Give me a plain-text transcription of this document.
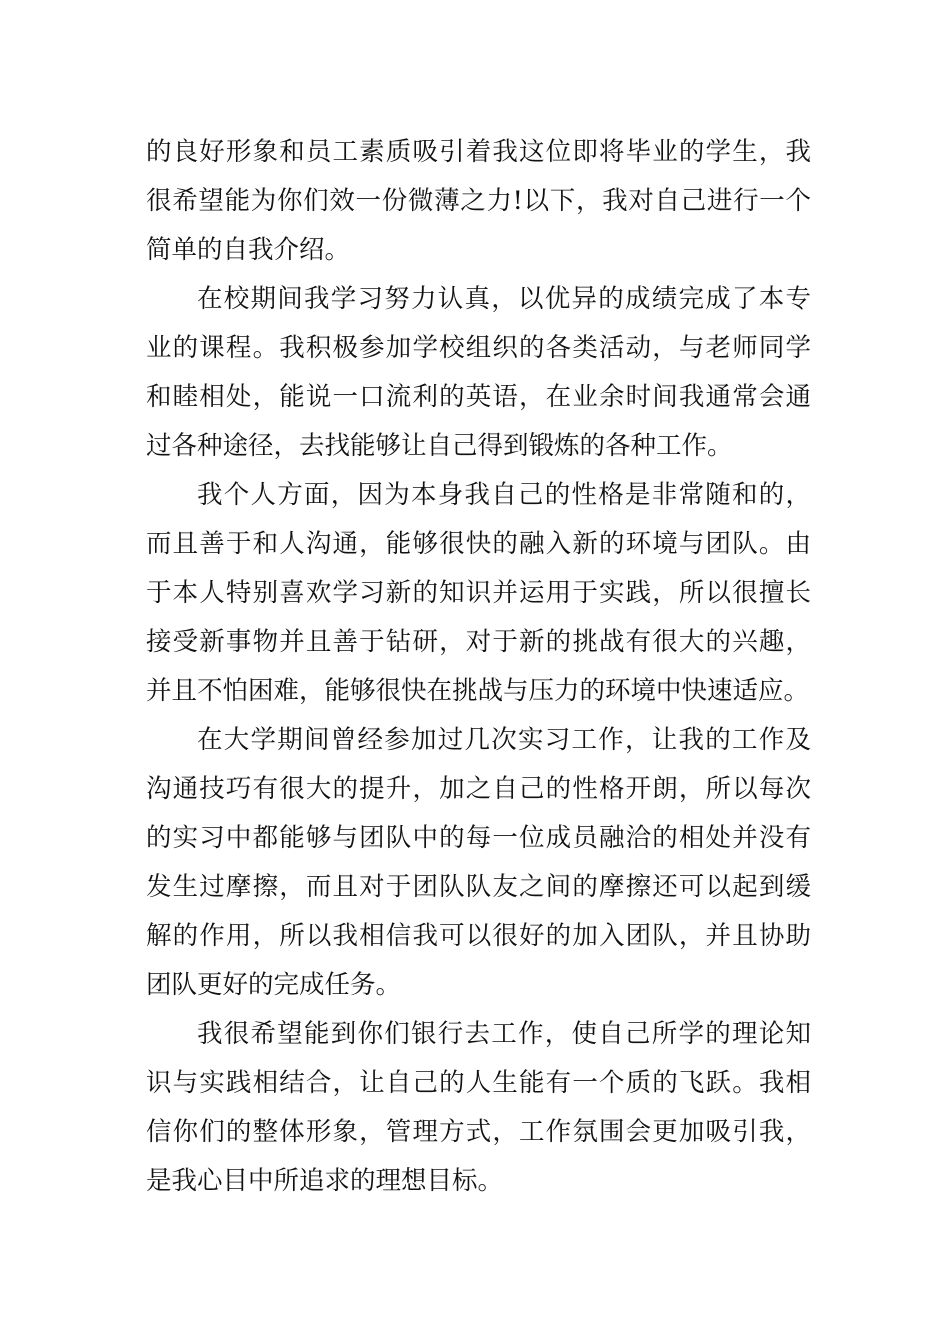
的良好形象和员工素质吸引着我这位即将毕业的学生，我
很希望能为你们效一份微薄之力!以下，我对自己进行一个
简单的自我介绍。
在校期间我学习努力认真，以优异的成绩完成了本专
业的课程。我积极参加学校组织的各类活动，与老师同学
和睦相处，能说一口流利的英语，在业余时间我通常会通
过各种途径，去找能够让自己得到锻炼的各种工作。
我个人方面，因为本身我自己的性格是非常随和的，
而且善于和人沟通，能够很快的融入新的环境与团队。由
于本人特别喜欢学习新的知识并运用于实践，所以很擅长
接受新事物并且善于钻研，对于新的挑战有很大的兴趣，
并且不怕困难，能够很快在挑战与压力的环境中快速适应。
在大学期间曾经参加过几次实习工作，让我的工作及
沟通技巧有很大的提升，加之自己的性格开朗，所以每次
的实习中都能够与团队中的每一位成员融洽的相处并没有
发生过摩擦，而且对于团队队友之间的摩擦还可以起到缓
解的作用，所以我相信我可以很好的加入团队，并且协助
团队更好的完成任务。
我很希望能到你们银行去工作，使自己所学的理论知
识与实践相结合，让自己的人生能有一个质的飞跃。我相
信你们的整体形象，管理方式，工作氛围会更加吸引我，
是我心目中所追求的理想目标。
